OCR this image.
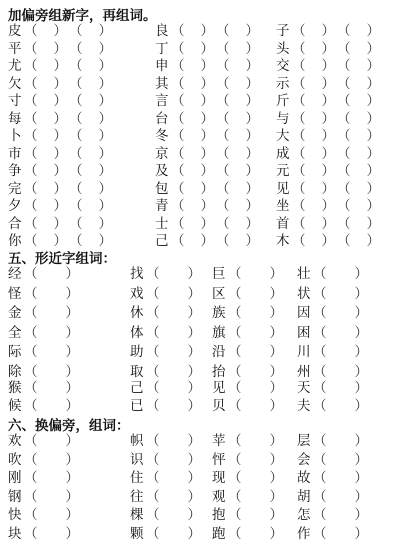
加偏旁组新字，再组词。
皮 （ ） （ ）	良 （ ） （ ） 子 （ ） （ ）
平 （ ） （ ）	丁 （ ） （ ） 头 （ ） （ ）
尤 （ ） （ ）	申 （ ） （ ） 交 （ ） （ ）
欠 （ ） （ ）	其 （ ） （ ） 示 （ ） （ ）
寸 （ ） （ ）	言 （ ） （ ） 斤 （ ） （ ）
每 （ ） （ ）	台 （ ） （ ） 与 （ ） （ ）
卜 （ ） （ ）	冬 （ ） （ ） 大 （ ） （ ）
市 （ ） （ ）	京 （ ） （ ） 成 （ ） （ ）
争 （ ） （ ）	及 （ ） （ ） 元 （ ） （ ）
完 （ ） （ ）	包 （ ） （ ） 见 （ ） （ ）
夕 （ ） （ ）	青 （ ） （ ） 坐 （ ） （ ）
合 （ ） （ ）	士 （ ） （ ） 首 （ ） （ ）
你 （ ） （ ）	己 （ ） （ ） 木 （ ） （ ）
五、形近字组词：
经 （ ）	找 （ ） 巨 （ ） 壮 （ ）
怪 （ ）	戏 （ ） 区 （ ） 状 （ ）
金 （ ）	休 （ ） 族 （ ） 因 （ ）
全 （ ）	体 （ ） 旗 （ ） 困 （ ）
际 （ ）	助 （ ） 沿 （ ） 川 （ ）
除 （ ）	取 （ ） 抬 （ ） 州 （ ）
猴 （ ）	己 （ ） 见 （ ） 天 （ ）
候 （ ）	已 （ ） 贝 （ ） 夫 （ ）
六、换偏旁，组词：
欢 （ ）	帜 （ ） 苹 （ ） 层 （ ）
吹 （ ）	识 （ ） 怦 （ ） 会 （ ）
刚 （ ）	住 （ ） 现 （ ） 故 （ ）
钢 （ ）	往 （ ） 观 （ ） 胡 （ ）
快 （ ）	棵 （ ） 抱 （ ） 怎 （ ）
块 （ ）	颗 （ ） 跑 （ ） 作 （ ）
